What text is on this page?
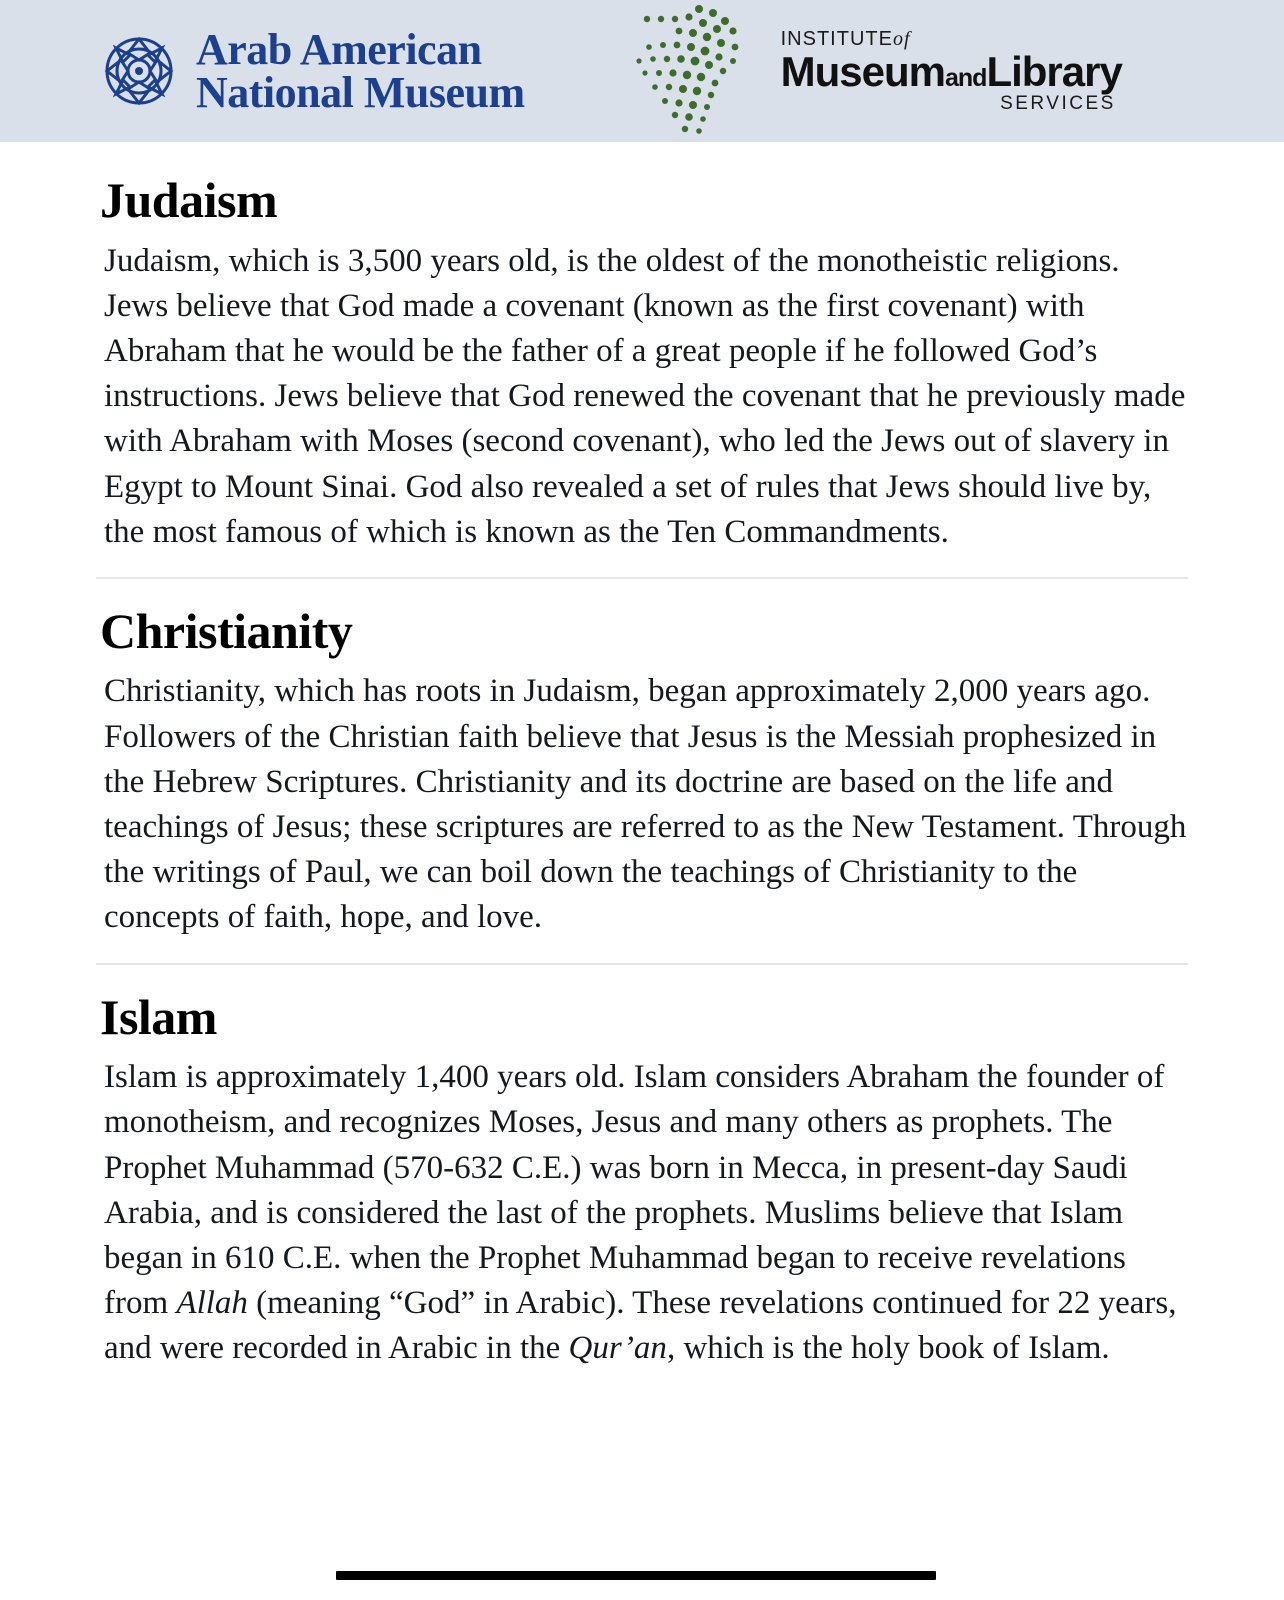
Arab American
National Museum
INSTITUTEof
MuseumandLibrary
SERVICES
Judaism

Judaism, which is 3,500 years old, is the oldest of the monotheistic religions. Jews believe that God made a covenant (known as the first covenant) with Abraham that he would be the father of a great people if he followed God’s instructions. Jews believe that God renewed the covenant that he previously made with Abraham with Moses (second covenant), who led the Jews out of slavery in Egypt to Mount Sinai. God also revealed a set of rules that Jews should live by, the most famous of which is known as the Ten Commandments.

Christianity

Christianity, which has roots in Judaism, began approximately 2,000 years ago. Followers of the Christian faith believe that Jesus is the Messiah prophesized in the Hebrew Scriptures. Christianity and its doctrine are based on the life and teachings of Jesus; these scriptures are referred to as the New Testament. Through the writings of Paul, we can boil down the teachings of Christianity to the concepts of faith, hope, and love.

Islam

Islam is approximately 1,400 years old. Islam considers Abraham the founder of monotheism, and recognizes Moses, Jesus and many others as prophets. The Prophet Muhammad (570-632 C.E.) was born in Mecca, in present-day Saudi Arabia, and is considered the last of the prophets. Muslims believe that Islam began in 610 C.E. when the Prophet Muhammad began to receive revelations from Allah (meaning “God” in Arabic). These revelations continued for 22 years, and were recorded in Arabic in the Qur’an, which is the holy book of Islam.
